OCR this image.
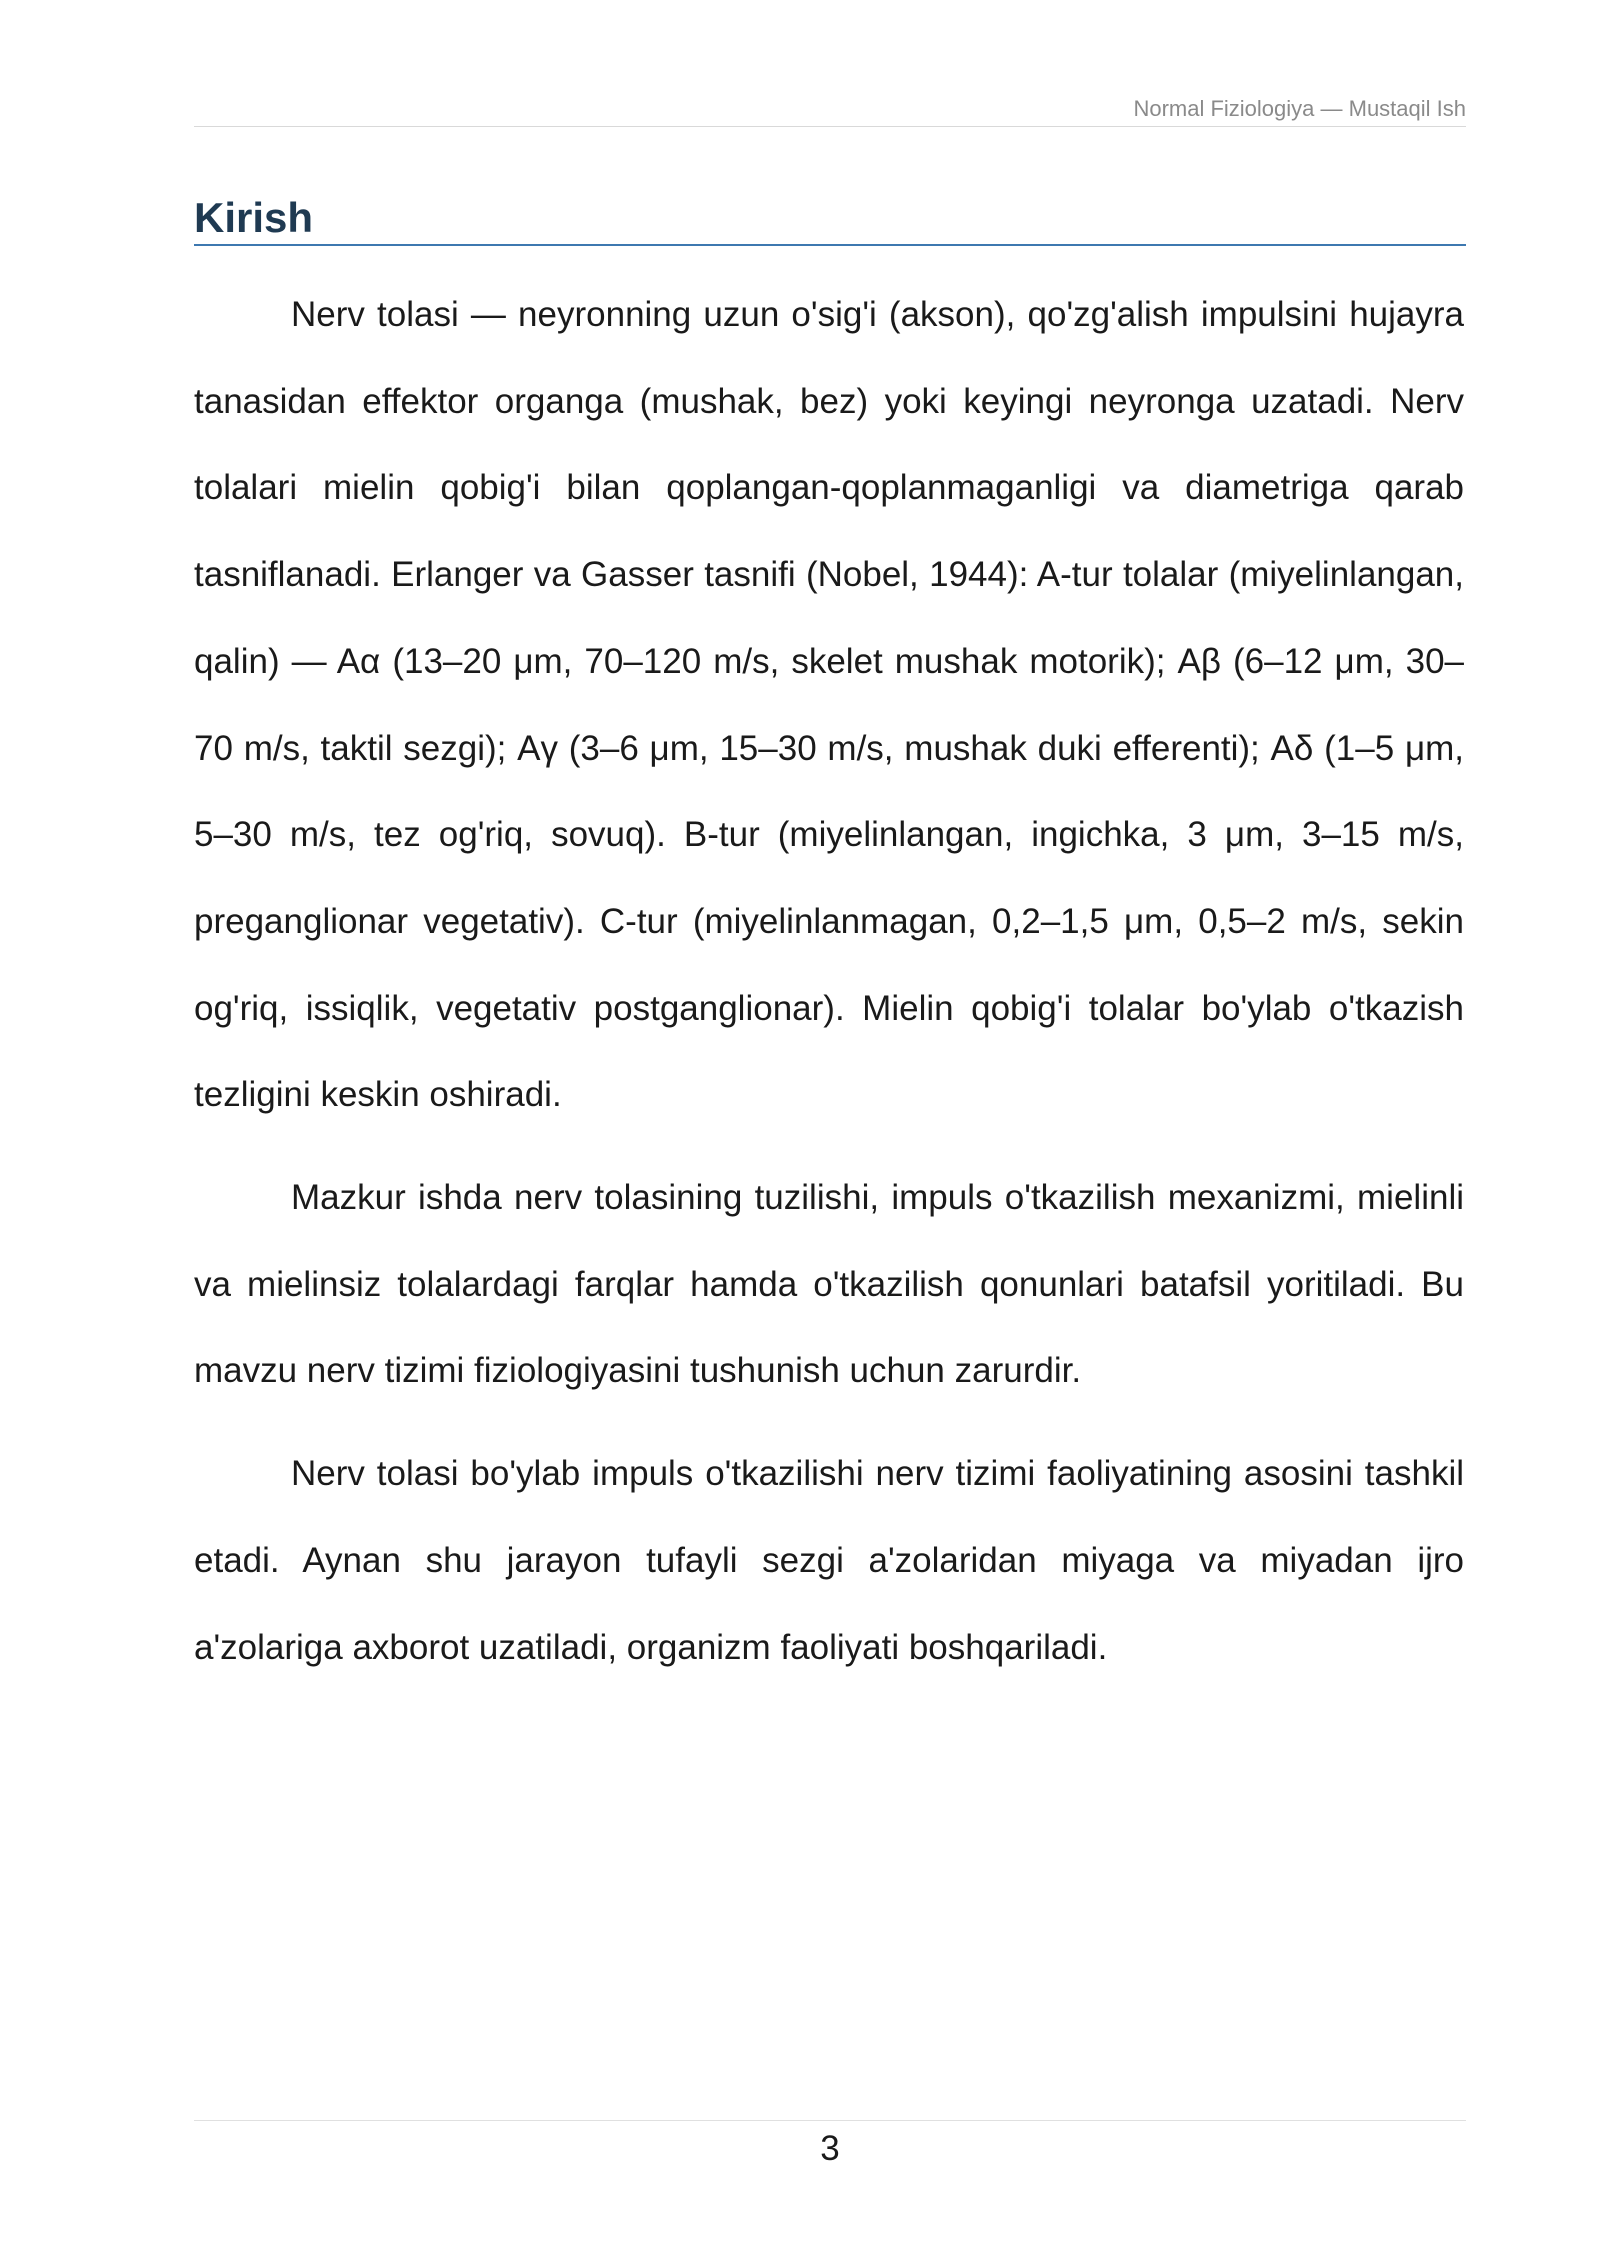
Normal Fiziologiya — Mustaqil Ish
Kirish

Nerv tolasi — neyronning uzun o'sig'i (akson), qo'zg'alish impulsini hujayra tanasidan effektor organga (mushak, bez) yoki keyingi neyronga uzatadi. Nerv tolalari mielin qobig'i bilan qoplangan-qoplanmaganligi va diametriga qarab tasniflanadi. Erlanger va Gasser tasnifi (Nobel, 1944): A-tur tolalar (miyelinlangan, qalin) — Aα (13–20 μm, 70–120 m/s, skelet mushak motorik); Aβ (6–12 μm, 30–70 m/s, taktil sezgi); Aγ (3–6 μm, 15–30 m/s, mushak duki efferenti); Aδ (1–5 μm, 5–30 m/s, tez og'riq, sovuq). B-tur (miyelinlangan, ingichka, 3 μm, 3–15 m/s, preganglionar vegetativ). C-tur (miyelinlanmagan, 0,2–1,5 μm, 0,5–2 m/s, sekin og'riq, issiqlik, vegetativ postganglionar). Mielin qobig'i tolalar bo'ylab o'tkazish tezligini keskin oshiradi.

Mazkur ishda nerv tolasining tuzilishi, impuls o'tkazilish mexanizmi, mielinli va mielinsiz tolalardagi farqlar hamda o'tkazilish qonunlari batafsil yoritiladi. Bu mavzu nerv tizimi fiziologiyasini tushunish uchun zarurdir.

Nerv tolasi bo'ylab impuls o'tkazilishi nerv tizimi faoliyatining asosini tashkil etadi. Aynan shu jarayon tufayli sezgi a'zolaridan miyaga va miyadan ijro a'zolariga axborot uzatiladi, organizm faoliyati boshqariladi.

3
